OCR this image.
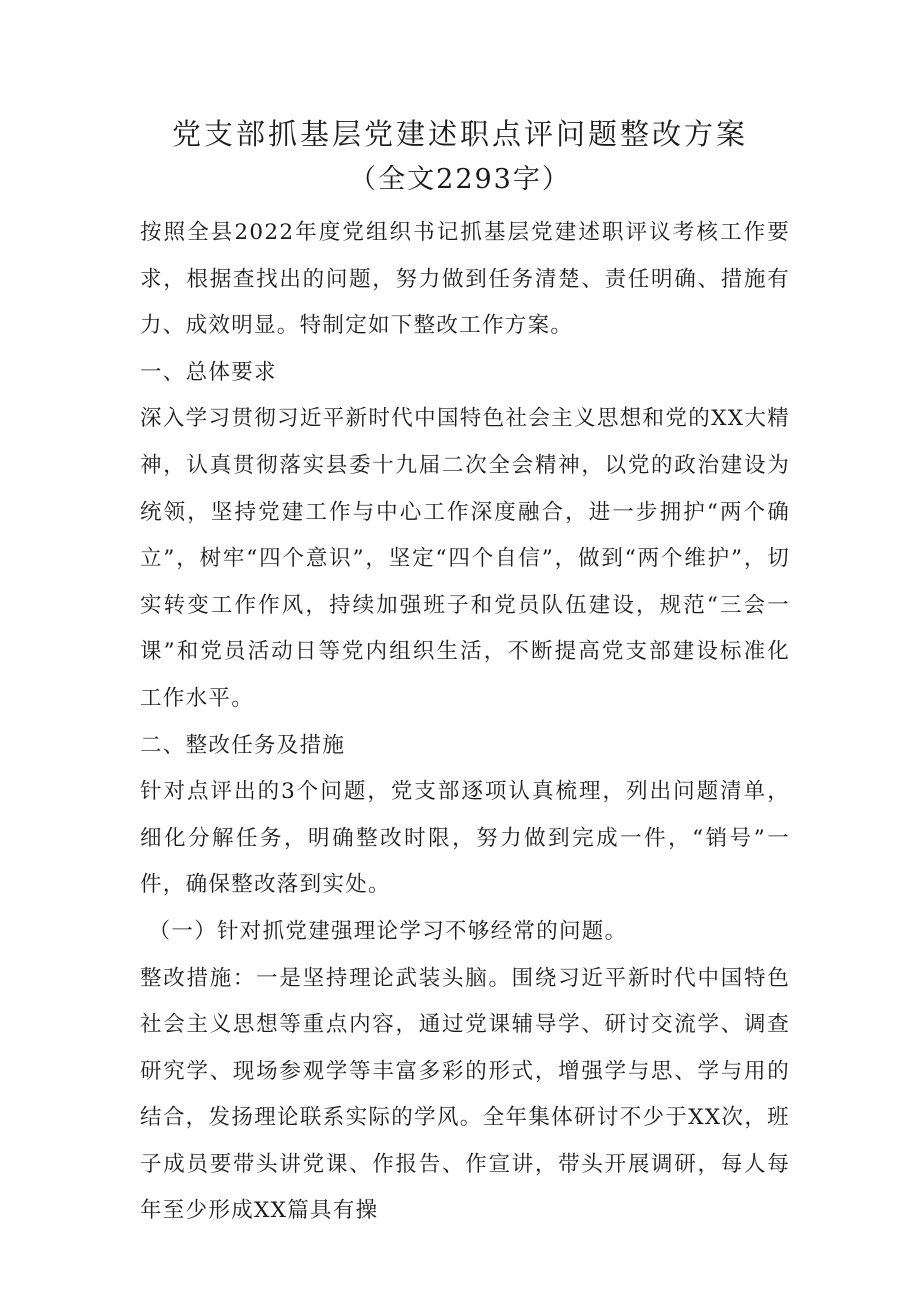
党支部抓基层党建述职点评问题整改方案
（全文2293字）

按照全县2022年度党组织书记抓基层党建述职评议考核工作要求，根据查找出的问题，努力做到任务清楚、责任明确、措施有力、成效明显。特制定如下整改工作方案。

一、总体要求

深入学习贯彻习近平新时代中国特色社会主义思想和党的XX大精神，认真贯彻落实县委十九届二次全会精神，以党的政治建设为统领，坚持党建工作与中心工作深度融合，进一步拥护“两个确立”，树牢“四个意识”，坚定“四个自信”，做到“两个维护”，切实转变工作作风，持续加强班子和党员队伍建设，规范“三会一课”和党员活动日等党内组织生活，不断提高党支部建设标准化工作水平。

二、整改任务及措施

针对点评出的3个问题，党支部逐项认真梳理，列出问题清单，细化分解任务，明确整改时限，努力做到完成一件，“销号”一件，确保整改落到实处。

（一）针对抓党建强理论学习不够经常的问题。

整改措施：一是坚持理论武装头脑。围绕习近平新时代中国特色社会主义思想等重点内容，通过党课辅导学、研讨交流学、调查研究学、现场参观学等丰富多彩的形式，增强学与思、学与用的结合，发扬理论联系实际的学风。全年集体研讨不少于XX次，班子成员要带头讲党课、作报告、作宣讲，带头开展调研，每人每年至少形成XX篇具有操
